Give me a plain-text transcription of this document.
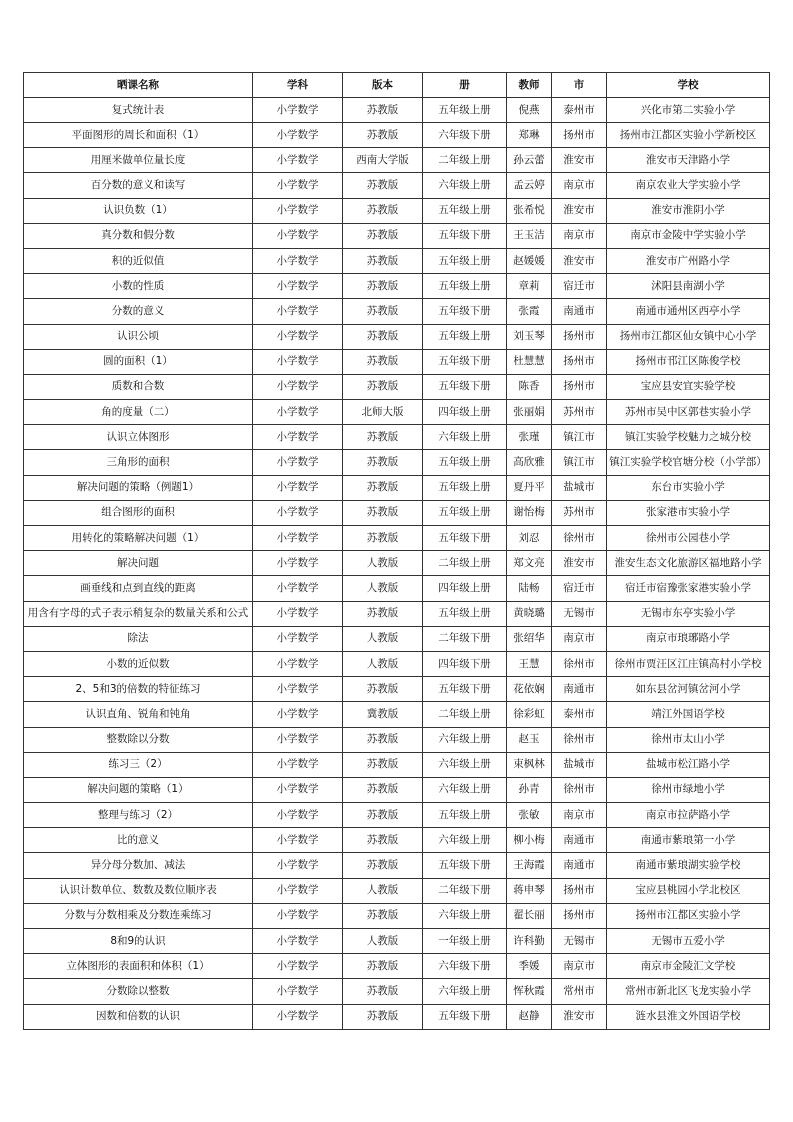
晒课名称	学科	版本	册	教师	市	学校
复式统计表	小学数学	苏教版	五年级上册	倪燕	泰州市	兴化市第二实验小学
平面图形的周长和面积（1）	小学数学	苏教版	六年级下册	郑琳	扬州市	扬州市江都区实验小学新校区
用厘米做单位量长度	小学数学	西南大学版	二年级上册	孙云蕾	淮安市	淮安市天津路小学
百分数的意义和读写	小学数学	苏教版	六年级上册	孟云婷	南京市	南京农业大学实验小学
认识负数（1）	小学数学	苏教版	五年级上册	张希悦	淮安市	淮安市淮阴小学
真分数和假分数	小学数学	苏教版	五年级下册	王玉洁	南京市	南京市金陵中学实验小学
积的近似值	小学数学	苏教版	五年级上册	赵媛媛	淮安市	淮安市广州路小学
小数的性质	小学数学	苏教版	五年级上册	章莉	宿迁市	沭阳县南湖小学
分数的意义	小学数学	苏教版	五年级下册	张霞	南通市	南通市通州区西亭小学
认识公顷	小学数学	苏教版	五年级上册	刘玉琴	扬州市	扬州市江都区仙女镇中心小学
圆的面积（1）	小学数学	苏教版	五年级下册	杜慧慧	扬州市	扬州市邗江区陈俊学校
质数和合数	小学数学	苏教版	五年级下册	陈香	扬州市	宝应县安宜实验学校
角的度量（二）	小学数学	北师大版	四年级上册	张丽娟	苏州市	苏州市吴中区郭巷实验小学
认识立体图形	小学数学	苏教版	六年级上册	张瑾	镇江市	镇江实验学校魅力之城分校
三角形的面积	小学数学	苏教版	五年级上册	高欣雅	镇江市	镇江实验学校官塘分校（小学部）
解决问题的策略（例题1）	小学数学	苏教版	五年级上册	夏丹平	盐城市	东台市实验小学
组合图形的面积	小学数学	苏教版	五年级上册	谢怡梅	苏州市	张家港市实验小学
用转化的策略解决问题（1）	小学数学	苏教版	五年级下册	刘忍	徐州市	徐州市公园巷小学
解决问题	小学数学	人教版	二年级上册	郑文亮	淮安市	淮安生态文化旅游区福地路小学
画垂线和点到直线的距离	小学数学	人教版	四年级上册	陆畅	宿迁市	宿迁市宿豫张家港实验小学
用含有字母的式子表示稍复杂的数量关系和公式	小学数学	苏教版	五年级上册	黄晓璐	无锡市	无锡市东亭实验小学
除法	小学数学	人教版	二年级下册	张绍华	南京市	南京市琅琊路小学
小数的近似数	小学数学	人教版	四年级下册	王慧	徐州市	徐州市贾汪区江庄镇高村小学校
2、5和3的倍数的特征练习	小学数学	苏教版	五年级下册	花依娴	南通市	如东县岔河镇岔河小学
认识直角、锐角和钝角	小学数学	冀教版	二年级上册	徐彩虹	泰州市	靖江外国语学校
整数除以分数	小学数学	苏教版	六年级上册	赵玉	徐州市	徐州市太山小学
练习三（2）	小学数学	苏教版	六年级上册	束枫林	盐城市	盐城市松江路小学
解决问题的策略（1）	小学数学	苏教版	六年级上册	孙青	徐州市	徐州市绿地小学
整理与练习（2）	小学数学	苏教版	五年级上册	张敏	南京市	南京市拉萨路小学
比的意义	小学数学	苏教版	六年级上册	柳小梅	南通市	南通市紫琅第一小学
异分母分数加、减法	小学数学	苏教版	五年级下册	王海霞	南通市	南通市紫琅湖实验学校
认识计数单位、数数及数位顺序表	小学数学	人教版	二年级下册	蒋申琴	扬州市	宝应县桃园小学北校区
分数与分数相乘及分数连乘练习	小学数学	苏教版	六年级上册	翟长丽	扬州市	扬州市江都区实验小学
8和9的认识	小学数学	人教版	一年级上册	许科勤	无锡市	无锡市五爱小学
立体图形的表面积和体积（1）	小学数学	苏教版	六年级下册	季媛	南京市	南京市金陵汇文学校
分数除以整数	小学数学	苏教版	六年级上册	恽秋霞	常州市	常州市新北区飞龙实验小学
因数和倍数的认识	小学数学	苏教版	五年级下册	赵静	淮安市	涟水县淮文外国语学校
